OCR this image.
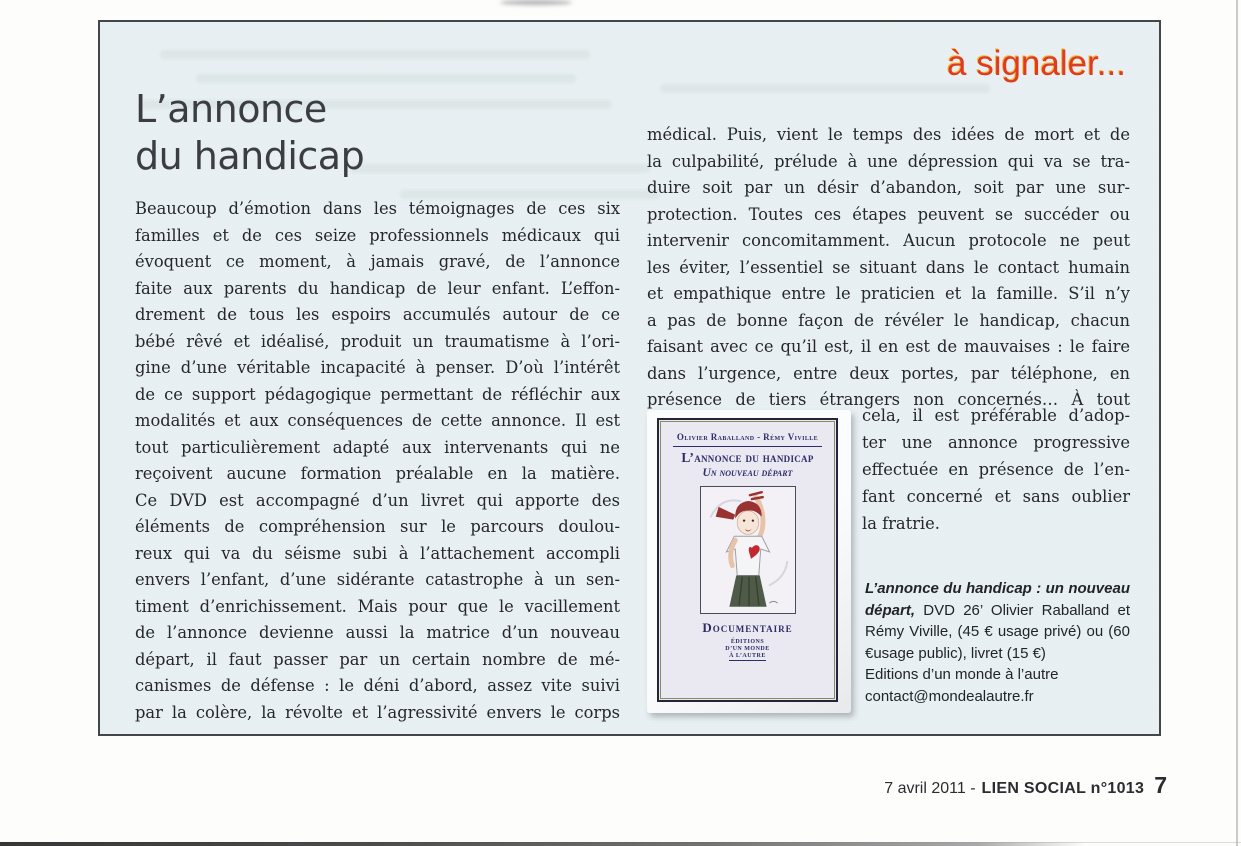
à signaler...
L’annonce
du handicap
Beaucoup d’émotion dans les témoignages de ces six
familles et de ces seize professionnels médicaux qui
évoquent ce moment, à jamais gravé, de l’annonce
faite aux parents du handicap de leur enfant. L’effon-
drement de tous les espoirs accumulés autour de ce
bébé rêvé et idéalisé, produit un traumatisme à l’ori-
gine d’une véritable incapacité à penser. D’où l’intérêt
de ce support pédagogique permettant de réfléchir aux
modalités et aux conséquences de cette annonce. Il est
tout particulièrement adapté aux intervenants qui ne
reçoivent aucune formation préalable en la matière.
Ce DVD est accompagné d’un livret qui apporte des
éléments de compréhension sur le parcours doulou-
reux qui va du séisme subi à l’attachement accompli
envers l’enfant, d’une sidérante catastrophe à un sen-
timent d’enrichissement. Mais pour que le vacillement
de l’annonce devienne aussi la matrice d’un nouveau
départ, il faut passer par un certain nombre de mé-
canismes de défense : le déni d’abord, assez vite suivi
par la colère, la révolte et l’agressivité envers le corps
médical. Puis, vient le temps des idées de mort et de
la culpabilité, prélude à une dépression qui va se tra-
duire soit par un désir d’abandon, soit par une sur-
protection. Toutes ces étapes peuvent se succéder ou
intervenir concomitamment. Aucun protocole ne peut
les éviter, l’essentiel se situant dans le contact humain
et empathique entre le praticien et la famille. S’il n’y
a pas de bonne façon de révéler le handicap, chacun
faisant avec ce qu’il est, il en est de mauvaises : le faire
dans l’urgence, entre deux portes, par téléphone, en
présence de tiers étrangers non concernés… À tout
cela, il est préférable d’adop-
ter une annonce progressive
effectuée en présence de l’en-
fant concerné et sans oublier
la fratrie.
Olivier Raballand - Rémy Viville
L’annonce du handicap
Un nouveau départ
Documentaire
ÉDITIONS
D’UN MONDE
À L’AUTRE

L’annonce du handicap : un nouveau départ, DVD 26’ Olivier Raballand et Rémy Viville, (45 € usage privé) ou (60 €usage public), livret (15 €)

Editions d’un monde à l’autre
contact@mondealautre.fr
7 avril 2011 - LIEN SOCIAL n°1013 7
